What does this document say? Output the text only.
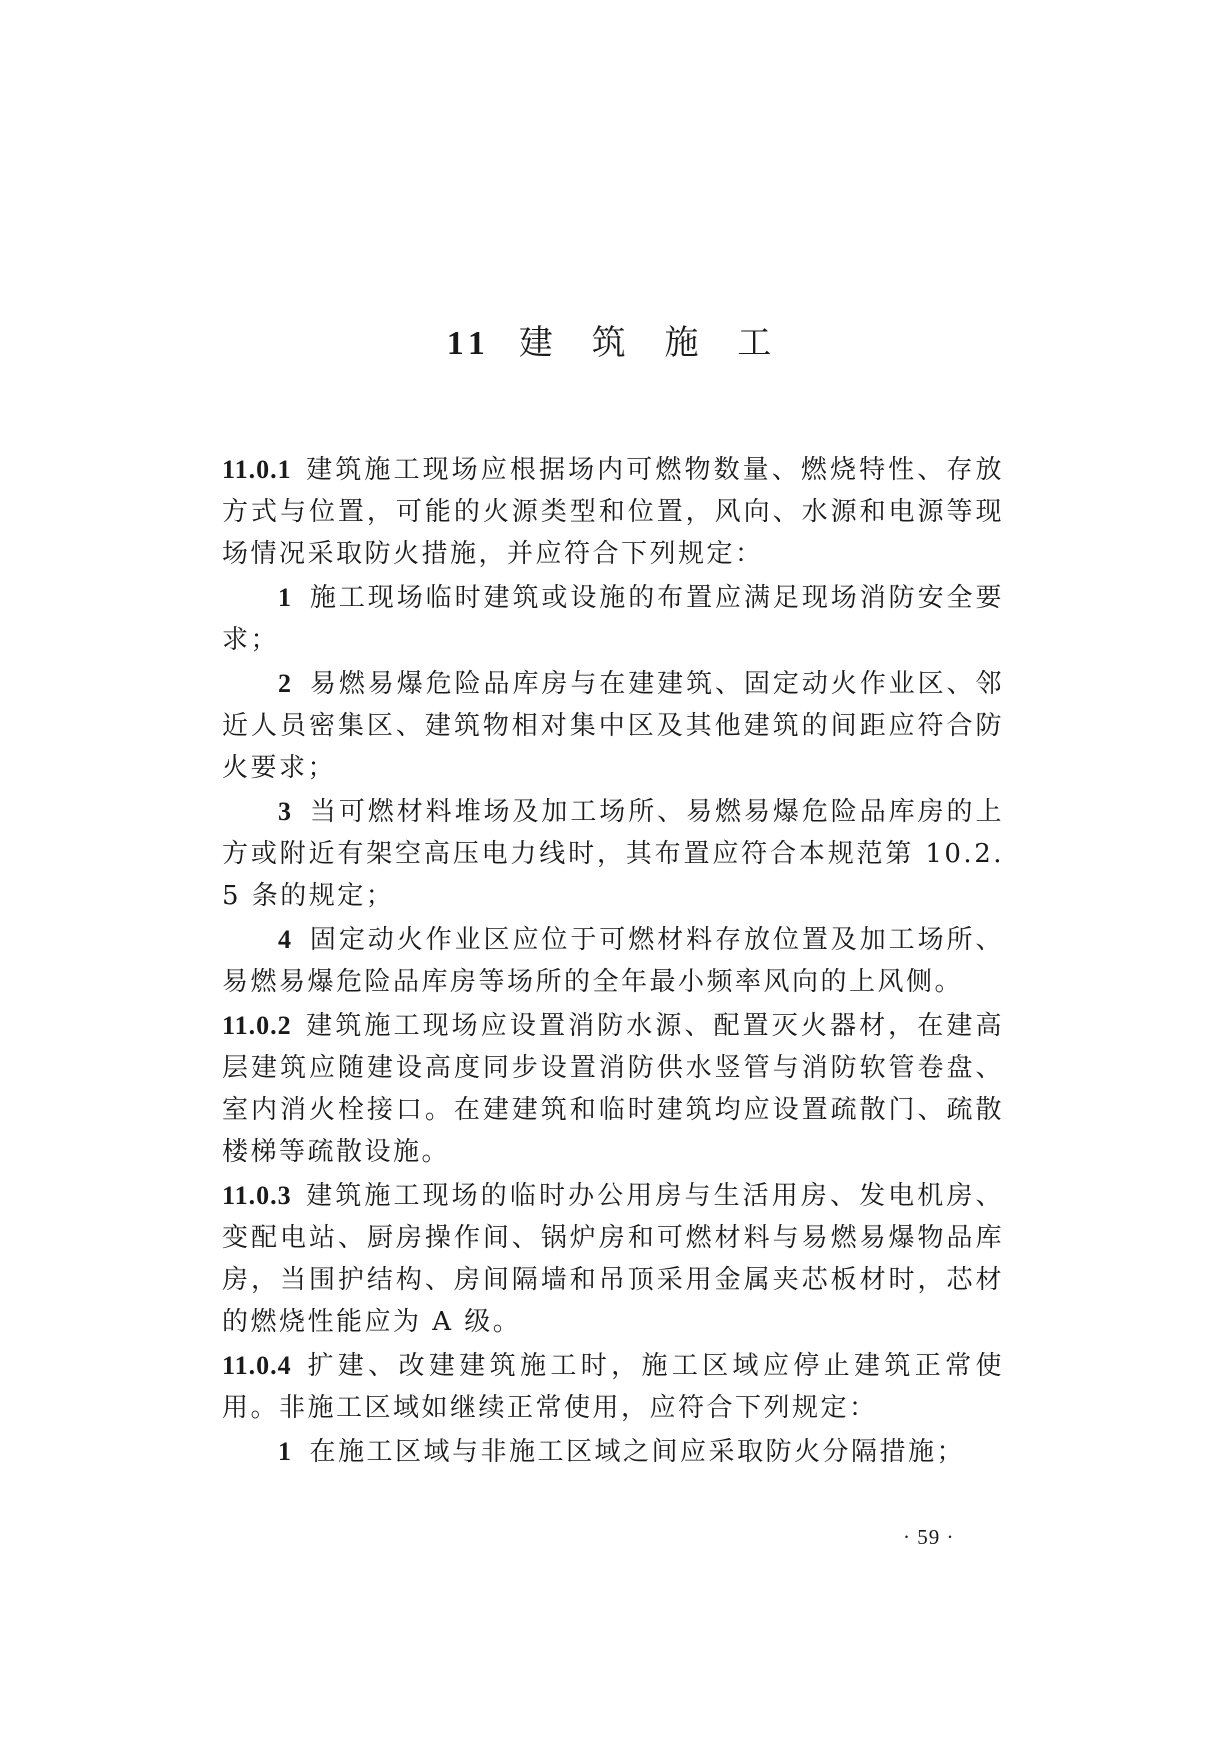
11 建 筑 施 工

11.0.1 建筑施工现场应根据场内可燃物数量、燃烧特性、存放方式与位置，可能的火源类型和位置，风向、水源和电源等现场情况采取防火措施，并应符合下列规定：

1 施工现场临时建筑或设施的布置应满足现场消防安全要求；

2 易燃易爆危险品库房与在建建筑、固定动火作业区、邻近人员密集区、建筑物相对集中区及其他建筑的间距应符合防火要求；

3 当可燃材料堆场及加工场所、易燃易爆危险品库房的上方或附近有架空高压电力线时，其布置应符合本规范第 10.2.5 条的规定；

4 固定动火作业区应位于可燃材料存放位置及加工场所、易燃易爆危险品库房等场所的全年最小频率风向的上风侧。

11.0.2 建筑施工现场应设置消防水源、配置灭火器材，在建高层建筑应随建设高度同步设置消防供水竖管与消防软管卷盘、室内消火栓接口。在建建筑和临时建筑均应设置疏散门、疏散楼梯等疏散设施。

11.0.3 建筑施工现场的临时办公用房与生活用房、发电机房、变配电站、厨房操作间、锅炉房和可燃材料与易燃易爆物品库房，当围护结构、房间隔墙和吊顶采用金属夹芯板材时，芯材的燃烧性能应为 A 级。

11.0.4 扩建、改建建筑施工时，施工区域应停止建筑正常使用。非施工区域如继续正常使用，应符合下列规定：

1 在施工区域与非施工区域之间应采取防火分隔措施；

· 59 ·
